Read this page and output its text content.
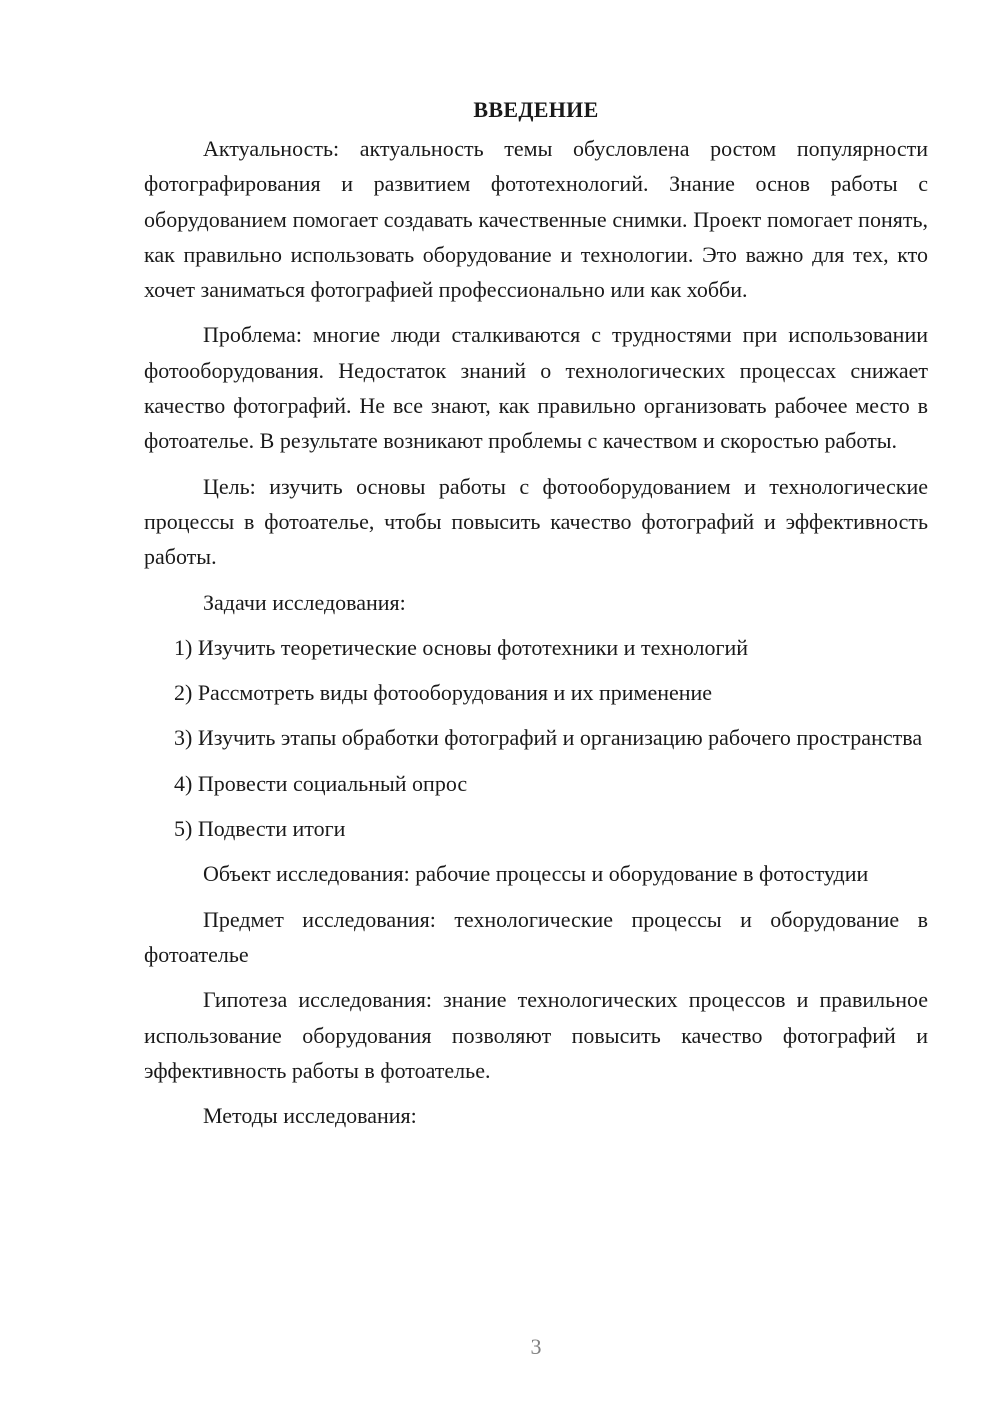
ВВЕДЕНИЕ

Актуальность: актуальность темы обусловлена ростом популярности фотографирования и развитием фототехнологий. Знание основ работы с оборудованием помогает создавать качественные снимки. Проект помогает понять, как правильно использовать оборудование и технологии. Это важно для тех, кто хочет заниматься фотографией профессионально или как хобби.

Проблема: многие люди сталкиваются с трудностями при использовании фотооборудования. Недостаток знаний о технологических процессах снижает качество фотографий. Не все знают, как правильно организовать рабочее место в фотоателье. В результате возникают проблемы с качеством и скоростью работы.

Цель: изучить основы работы с фотооборудованием и технологические процессы в фотоателье, чтобы повысить качество фотографий и эффективность работы.

Задачи исследования:

1) Изучить теоретические основы фототехники и технологий

2) Рассмотреть виды фотооборудования и их применение

3) Изучить этапы обработки фотографий и организацию рабочего пространства

4) Провести социальный опрос

5) Подвести итоги

Объект исследования: рабочие процессы и оборудование в фотостудии

Предмет исследования: технологические процессы и оборудование в фотоателье

Гипотеза исследования: знание технологических процессов и правильное использование оборудования позволяют повысить качество фотографий и эффективность работы в фотоателье.

Методы исследования:

3
